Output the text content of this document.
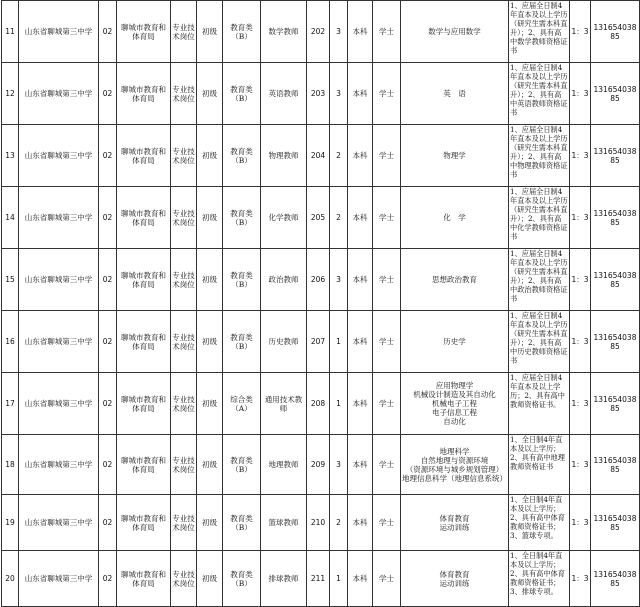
11	山东省聊城第三中学	02	聊城市教育和体育局	专业技术岗位	初级	教育类（B）	数学教师	202	3	本科	学士	数学与应用数学	1、应届全日制4年直本及以上学历（研究生需本科直升）；2、具有高中数学教师资格证书	1：3	13165403885
12	山东省聊城第三中学	02	聊城市教育和体育局	专业技术岗位	初级	教育类（B）	英语教师	203	3	本科	学士	英　语	1、应届全日制4年直本及以上学历（研究生需本科直升）；2、具有高中英语教师资格证书	1：3	13165403885
13	山东省聊城第三中学	02	聊城市教育和体育局	专业技术岗位	初级	教育类（B）	物理教师	204	2	本科	学士	物理学	1、应届全日制4年直本及以上学历（研究生需本科直升）；2、具有高中物理教师资格证书	1：3	13165403885
14	山东省聊城第三中学	02	聊城市教育和体育局	专业技术岗位	初级	教育类（B）	化学教师	205	2	本科	学士	化　学	1、应届全日制4年直本及以上学历（研究生需本科直升）；2、具有高中化学教师资格证书	1：3	13165403885
15	山东省聊城第三中学	02	聊城市教育和体育局	专业技术岗位	初级	教育类（B）	政治教师	206	3	本科	学士	思想政治教育	1、应届全日制4年直本及以上学历（研究生需本科直升）；2、具有高中政治教师资格证书	1：3	13165403885
16	山东省聊城第三中学	02	聊城市教育和体育局	专业技术岗位	初级	教育类（B）	历史教师	207	1	本科	学士	历史学	1、应届全日制4年直本及以上学历（研究生需本科直升）；2、具有高中历史教师资格证书	1：3	13165403885
17	山东省聊城第三中学	02	聊城市教育和体育局	专业技术岗位	初级	综合类（A）	通用技术教师	208	1	本科	学士	应用物理学
机械设计制造及其自动化
机械电子工程
电子信息工程
自动化	1、应届全日制4年直本及以上学历；2、具有高中教师资格证书。	1：3	13165403885
18	山东省聊城第三中学	02	聊城市教育和体育局	专业技术岗位	初级	教育类（B）	地理教师	209	3	本科	学士	地理科学
自然地理与资源环境
（资源环境与城乡规划管理）
地理信息科学（地理信息系统）	1、全日制4年直本及以上学历；2、具有高中地理教师资格证书	1：3	13165403885
19	山东省聊城第三中学	02	聊城市教育和体育局	专业技术岗位	初级	教育类（B）	篮球教师	210	2	本科	学士	体育教育
运动训练	1、全日制4年直本及以上学历；2、具有高中体育教师资格证书；3、篮球专项。	1：3	13165403885
20	山东省聊城第三中学	02	聊城市教育和体育局	专业技术岗位	初级	教育类（B）	排球教师	211	1	本科	学士	体育教育
运动训练	1、全日制4年直本及以上学历；2、具有高中体育教师资格证书；3、排球专项。	1：3	13165403885
